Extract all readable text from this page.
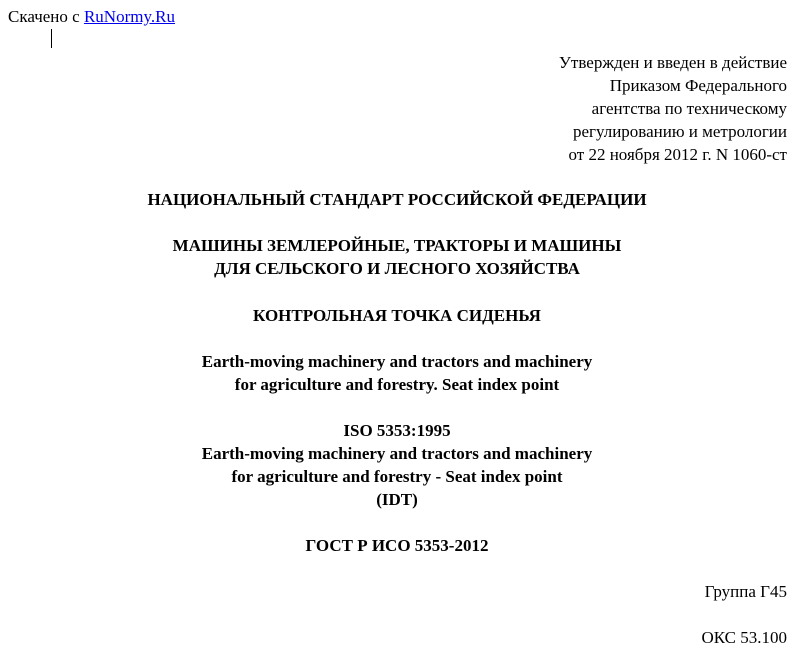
Скачено с RuNormy.Ru
Утвержден и введен в действие
Приказом Федерального
агентства по техническому
регулированию и метрологии
от 22 ноября 2012 г. N 1060-ст
НАЦИОНАЛЬНЫЙ СТАНДАРТ РОССИЙСКОЙ ФЕДЕРАЦИИ
МАШИНЫ ЗЕМЛЕРОЙНЫЕ, ТРАКТОРЫ И МАШИНЫ
ДЛЯ СЕЛЬСКОГО И ЛЕСНОГО ХОЗЯЙСТВА
КОНТРОЛЬНАЯ ТОЧКА СИДЕНЬЯ
Earth-moving machinery and tractors and machinery
for agriculture and forestry. Seat index point
ISO 5353:1995
Earth-moving machinery and tractors and machinery
for agriculture and forestry - Seat index point
(IDT)
ГОСТ Р ИСО 5353-2012
Группа Г45
ОКС 53.100
